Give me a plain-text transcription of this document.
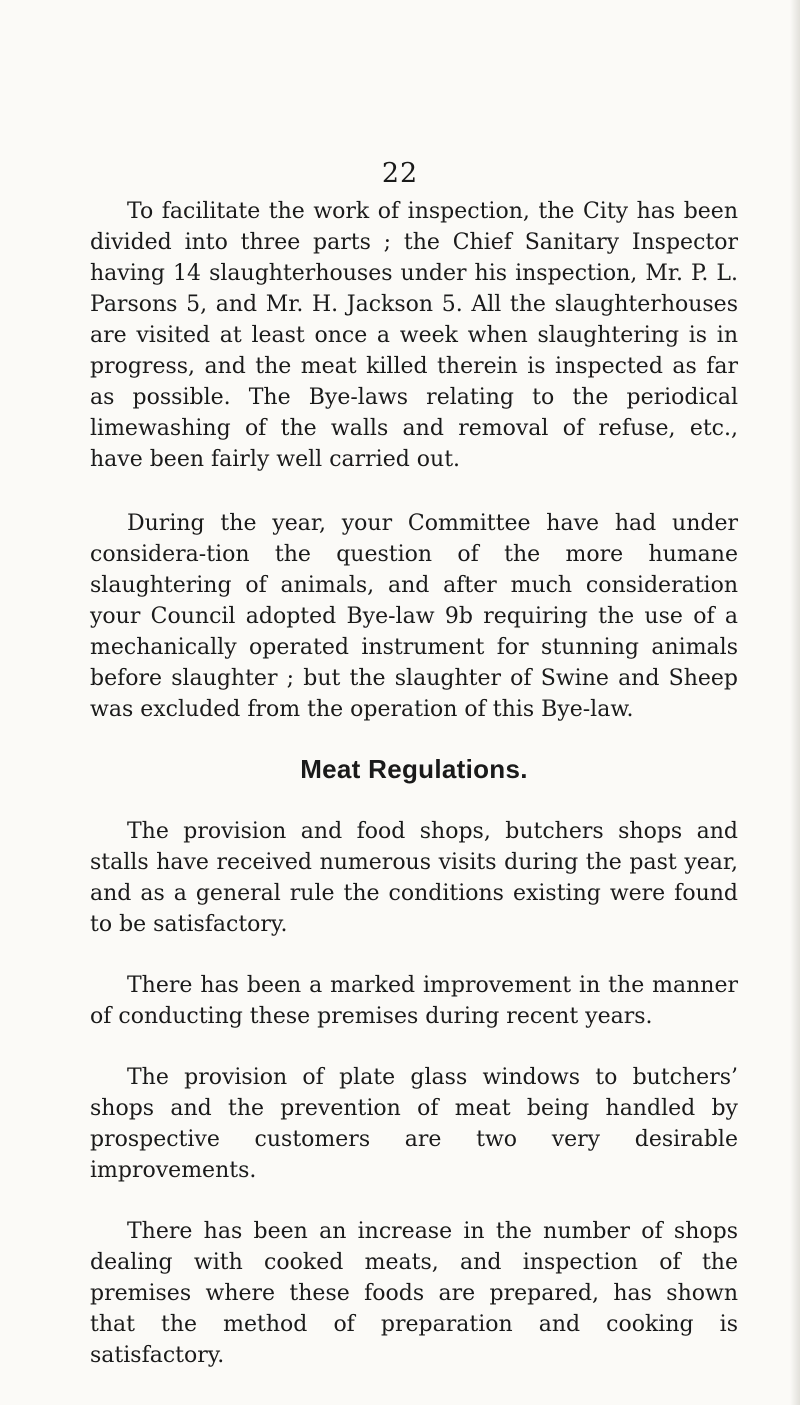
22

To facilitate the work of inspection, the City has been divided into three parts ; the Chief Sanitary Inspector having 14 slaughterhouses under his inspection, Mr. P. L. Parsons 5, and Mr. H. Jackson 5. All the slaughterhouses are visited at least once a week when slaughtering is in progress, and the meat killed therein is inspected as far as possible. The Bye-laws relating to the periodical limewashing of the walls and removal of refuse, etc., have been fairly well carried out.

During the year, your Committee have had under considera-tion the question of the more humane slaughtering of animals, and after much consideration your Council adopted Bye-law 9b requiring the use of a mechanically operated instrument for stunning animals before slaughter ; but the slaughter of Swine and Sheep was excluded from the operation of this Bye-law.

Meat Regulations.

The provision and food shops, butchers shops and stalls have received numerous visits during the past year, and as a general rule the conditions existing were found to be satisfactory.

There has been a marked improvement in the manner of conducting these premises during recent years.

The provision of plate glass windows to butchers’ shops and the prevention of meat being handled by prospective customers are two very desirable improvements.

There has been an increase in the number of shops dealing with cooked meats, and inspection of the premises where these foods are prepared, has shown that the method of preparation and cooking is satisfactory.
